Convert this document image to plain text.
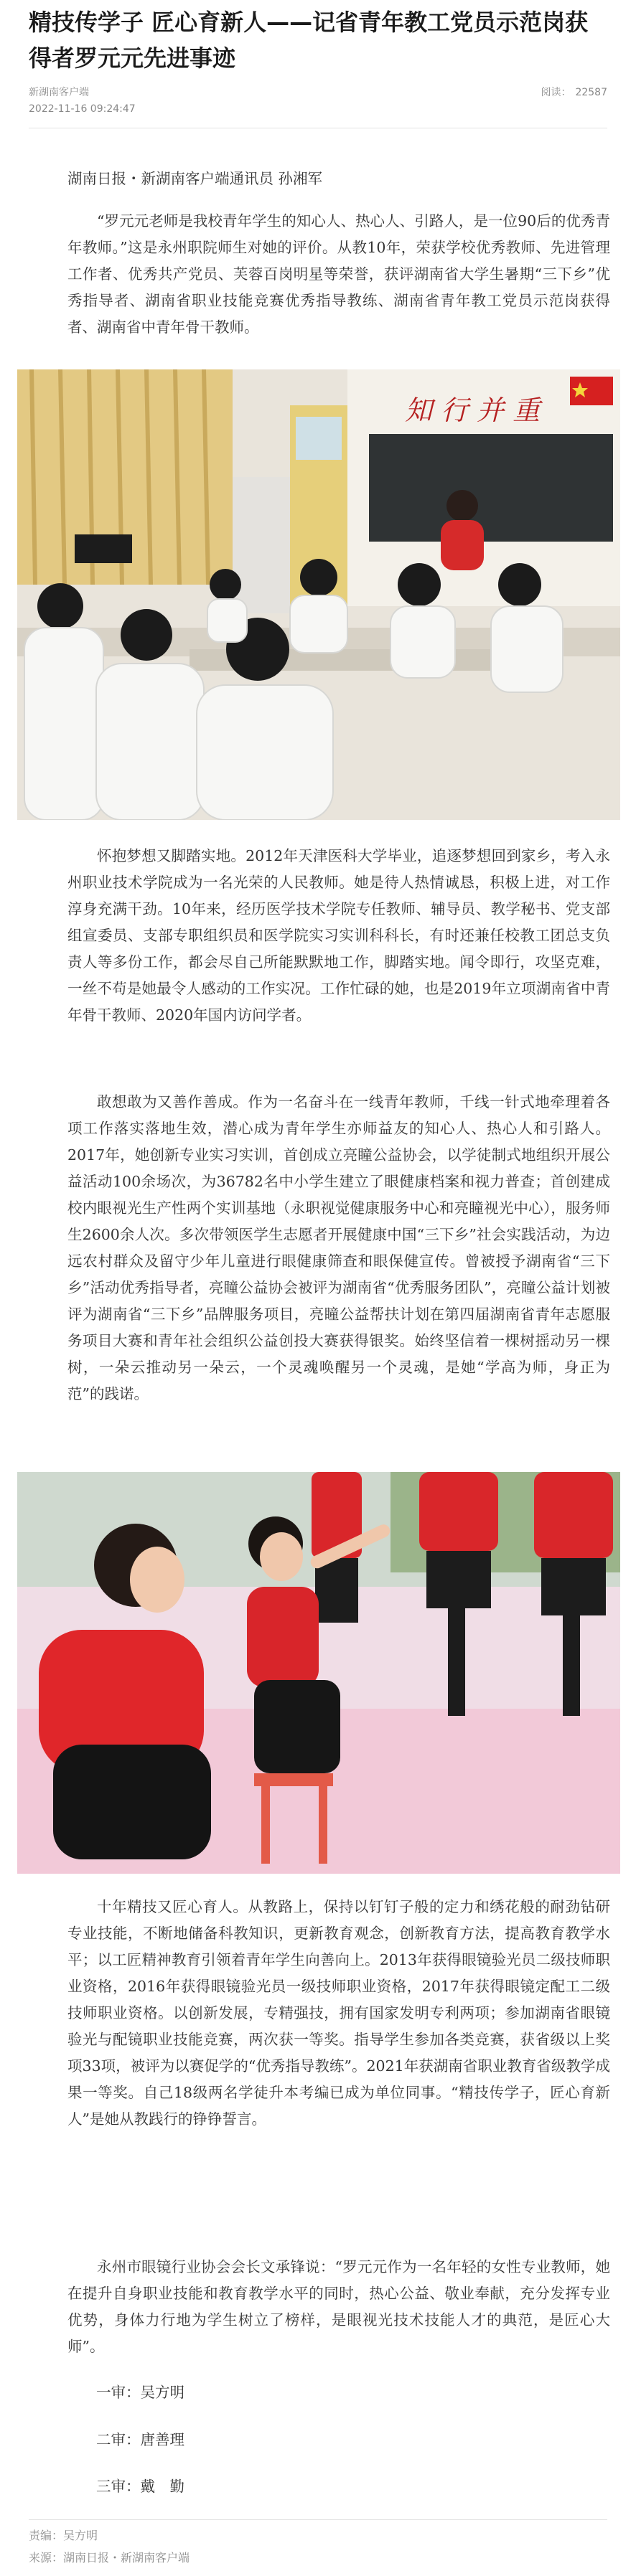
精技传学子 匠心育新人——记省青年教工党员示范岗获得者罗元元先进事迹
新湖南客户端
2022-11-16 09:24:47
阅读： 22587
湖南日报・新湖南客户端通讯员 孙湘军

“罗元元老师是我校青年学生的知心人、热心人、引路人，是一位90后的优秀青年教师。”这是永州职院师生对她的评价。从教10年，荣获学校优秀教师、先进管理工作者、优秀共产党员、芙蓉百岗明星等荣誉，获评湖南省大学生暑期“三下乡”优秀指导者、湖南省职业技能竞赛优秀指导教练、湖南省青年教工党员示范岗获得者、湖南省中青年骨干教师。

知 行 并 重

怀抱梦想又脚踏实地。2012年天津医科大学毕业，追逐梦想回到家乡，考入永州职业技术学院成为一名光荣的人民教师。她是待人热情诚恳，积极上进，对工作淳身充满干劲。10年来，经历医学技术学院专任教师、辅导员、教学秘书、党支部组宣委员、支部专职组织员和医学院实习实训科科长，有时还兼任校教工团总支负责人等多份工作，都会尽自己所能默默地工作，脚踏实地。闻令即行，攻坚克难，一丝不苟是她最令人感动的工作实况。工作忙碌的她，也是2019年立项湖南省中青年骨干教师、2020年国内访问学者。

敢想敢为又善作善成。作为一名奋斗在一线青年教师，千线一针式地牵理着各项工作落实落地生效，潜心成为青年学生亦师益友的知心人、热心人和引路人。2017年，她创新专业实习实训，首创成立亮瞳公益协会，以学徒制式地组织开展公益活动100余场次，为36782名中小学生建立了眼健康档案和视力普查；首创建成校内眼视光生产性两个实训基地（永职视觉健康服务中心和亮瞳视光中心），服务师生2600余人次。多次带领医学生志愿者开展健康中国“三下乡”社会实践活动，为边远农村群众及留守少年儿童进行眼健康筛查和眼保健宣传。曾被授予湖南省“三下乡”活动优秀指导者，亮瞳公益协会被评为湖南省“优秀服务团队”，亮瞳公益计划被评为湖南省“三下乡”品牌服务项目，亮瞳公益帮扶计划在第四届湖南省青年志愿服务项目大赛和青年社会组织公益创投大赛获得银奖。始终坚信着一棵树摇动另一棵树，一朵云推动另一朵云，一个灵魂唤醒另一个灵魂，是她“学高为师，身正为范”的践诺。

十年精技又匠心育人。从教路上，保持以钉钉子般的定力和绣花般的耐劲钻研专业技能，不断地储备科教知识，更新教育观念，创新教育方法，提高教育教学水平；以工匠精神教育引领着青年学生向善向上。2013年获得眼镜验光员二级技师职业资格，2016年获得眼镜验光员一级技师职业资格，2017年获得眼镜定配工二级技师职业资格。以创新发展，专精强技，拥有国家发明专利两项；参加湖南省眼镜验光与配镜职业技能竞赛，两次获一等奖。指导学生参加各类竞赛，获省级以上奖项33项，被评为以赛促学的“优秀指导教练”。2021年获湖南省职业教育省级教学成果一等奖。自己18级两名学徒升本考编已成为单位同事。“精技传学子，匠心育新人”是她从教践行的铮铮誓言。

永州市眼镜行业协会会长文承锋说：“罗元元作为一名年轻的女性专业教师，她在提升自身职业技能和教育教学水平的同时，热心公益、敬业奉献，充分发挥专业优势，身体力行地为学生树立了榜样，是眼视光技术技能人才的典范，是匠心大师”。

一审：吴方明
二审：唐善理
三审：戴　勤
责编：吴方明
来源：湖南日报・新湖南客户端
